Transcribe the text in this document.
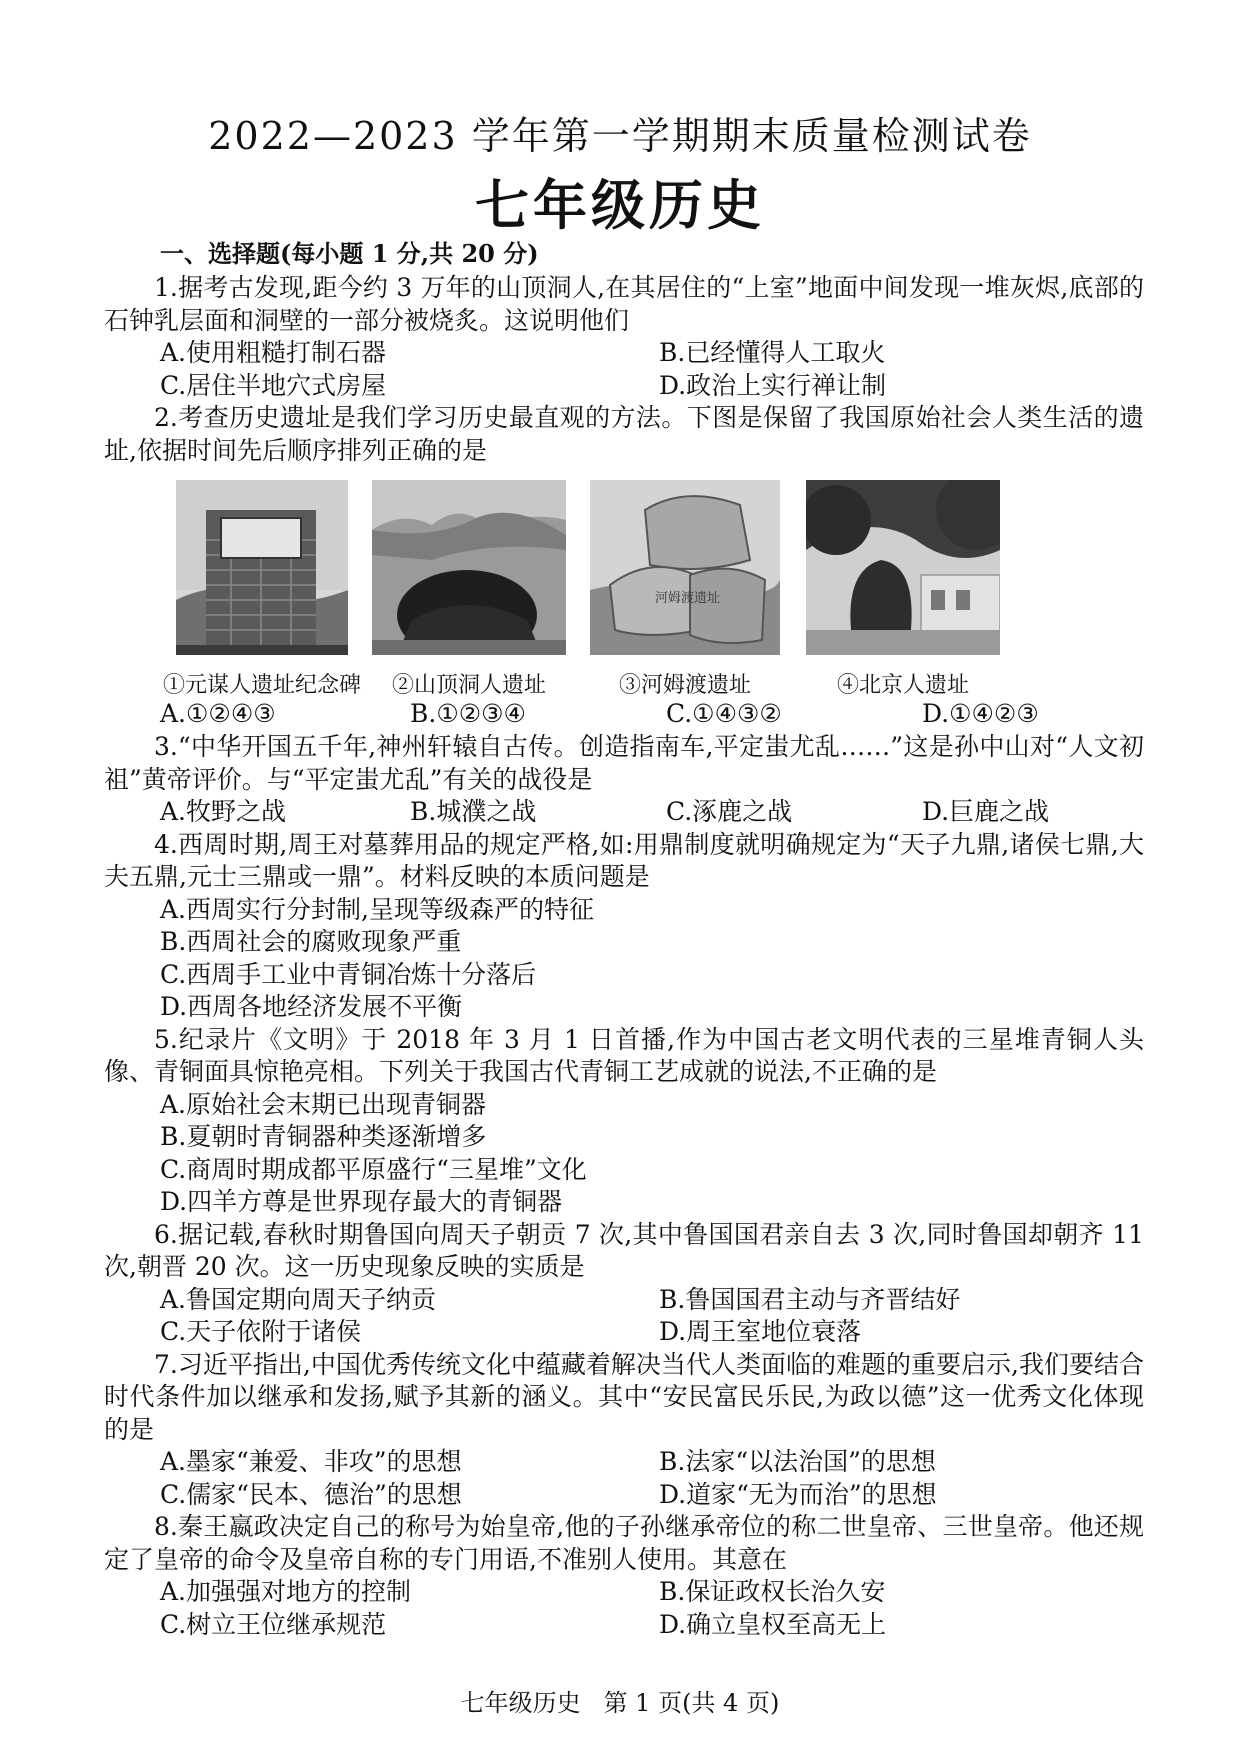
2022—2023 学年第一学期期末质量检测试卷
七年级历史
一、选择题(每小题 1 分,共 20 分)

1.据考古发现,距今约 3 万年的山顶洞人,在其居住的“上室”地面中间发现一堆灰烬,底部的石钟乳层面和洞壁的一部分被烧炙。这说明他们

A.使用粗糙打制石器	B.已经懂得人工取火
C.居住半地穴式房屋	D.政治上实行禅让制

2.考查历史遗址是我们学习历史最直观的方法。下图是保留了我国原始社会人类生活的遗址,依据时间先后顺序排列正确的是

河姆渡遗址
①元谋人遗址纪念碑	②山顶洞人遗址	③河姆渡遗址	④北京人遗址
A.①②④③	B.①②③④	C.①④③②	D.①④②③

3.“中华开国五千年,神州轩辕自古传。创造指南车,平定蚩尤乱……”这是孙中山对“人文初祖”黄帝评价。与“平定蚩尤乱”有关的战役是

A.牧野之战	B.城濮之战	C.涿鹿之战	D.巨鹿之战

4.西周时期,周王对墓葬用品的规定严格,如:用鼎制度就明确规定为“天子九鼎,诸侯七鼎,大夫五鼎,元士三鼎或一鼎”。材料反映的本质问题是

A.西周实行分封制,呈现等级森严的特征
B.西周社会的腐败现象严重
C.西周手工业中青铜冶炼十分落后
D.西周各地经济发展不平衡

5.纪录片《文明》于 2018 年 3 月 1 日首播,作为中国古老文明代表的三星堆青铜人头像、青铜面具惊艳亮相。下列关于我国古代青铜工艺成就的说法,不正确的是

A.原始社会末期已出现青铜器
B.夏朝时青铜器种类逐渐增多
C.商周时期成都平原盛行“三星堆”文化
D.四羊方尊是世界现存最大的青铜器

6.据记载,春秋时期鲁国向周天子朝贡 7 次,其中鲁国国君亲自去 3 次,同时鲁国却朝齐 11 次,朝晋 20 次。这一历史现象反映的实质是

A.鲁国定期向周天子纳贡	B.鲁国国君主动与齐晋结好
C.天子依附于诸侯	D.周王室地位衰落

7.习近平指出,中国优秀传统文化中蕴藏着解决当代人类面临的难题的重要启示,我们要结合时代条件加以继承和发扬,赋予其新的涵义。其中“安民富民乐民,为政以德”这一优秀文化体现的是

A.墨家“兼爱、非攻”的思想	B.法家“以法治国”的思想
C.儒家“民本、德治”的思想	D.道家“无为而治”的思想

8.秦王嬴政决定自己的称号为始皇帝,他的子孙继承帝位的称二世皇帝、三世皇帝。他还规定了皇帝的命令及皇帝自称的专门用语,不准别人使用。其意在

A.加强强对地方的控制	B.保证政权长治久安
C.树立王位继承规范	D.确立皇权至高无上
七年级历史   第 1 页(共 4 页)
